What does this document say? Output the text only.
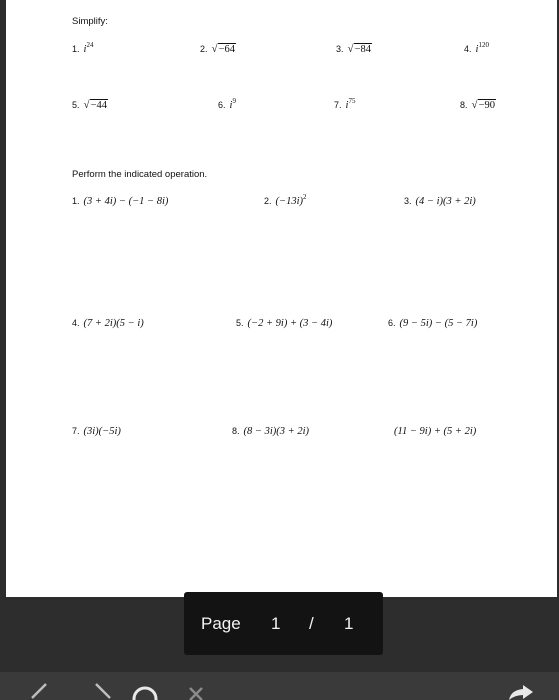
Simplify:
1. $i^{24}$	2. √−64	3. √−84	4. $i^{120}$
5. √−44	6. $i^9$	7. $i^{75}$	8. √−90
Perform the indicated operation.
1. (3 + 4i) − (−1 − 8i)	2. $(-13i)^2$	3. (4 − i)(3 + 2i)
4. (7 + 2i)(5 − i)	5. (−2 + 9i) + (3 − 4i)	6. (9 − 5i) − (5 − 7i)
7. (3i)(−5i)	8. (8 − 3i)(3 + 2i)	(11 − 9i) + (5 + 2i)
Page 1 / 1
